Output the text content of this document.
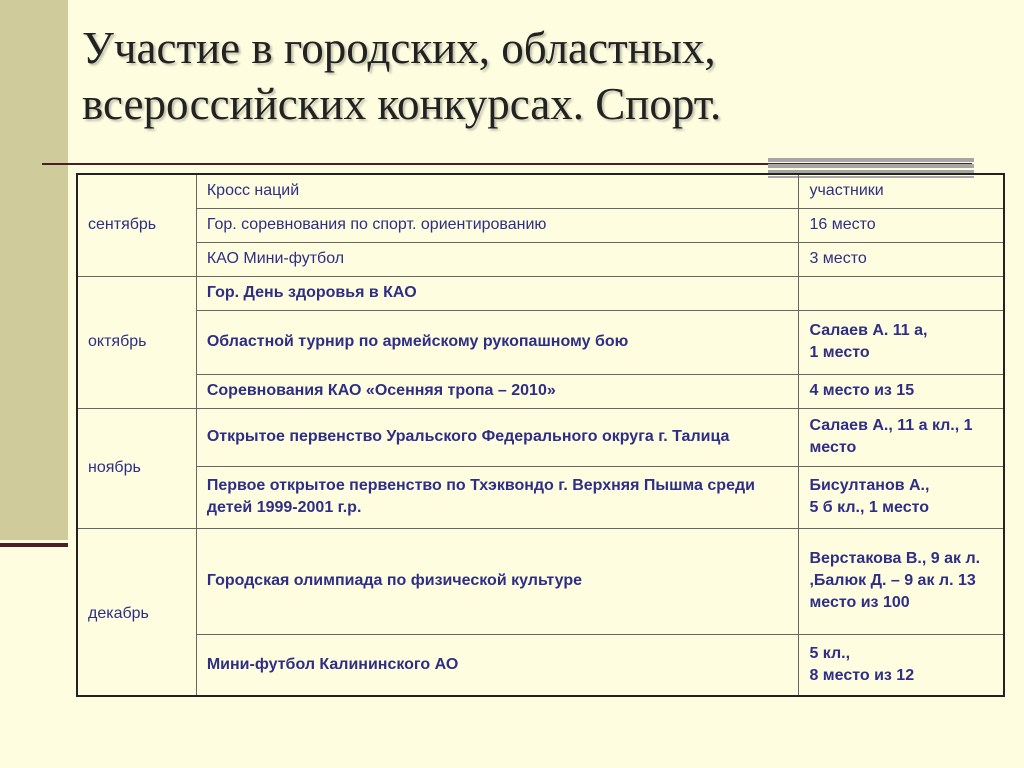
Участие в городских, областных,
всероссийских конкурсах. Спорт.
сентябрь	Кросс наций	участники
	Гор. соревнования по спорт. ориентированию	16 место
	КАО Мини-футбол	3 место
октябрь	Гор. День здоровья в КАО	
	Областной турнир по армейскому рукопашному бою	Салаев А. 11 а,
1 место
	Соревнования КАО «Осенняя тропа – 2010»	4 место из 15
ноябрь	Открытое первенство Уральского Федерального округа г. Талица	Салаев А., 11 а кл., 1 место
	Первое открытое первенство по Тхэквондо г. Верхняя Пышма среди детей 1999-2001 г.р.	Бисултанов А.,
5 б кл., 1 место
декабрь	Городская олимпиада по физической культуре	Верстакова В., 9 ак л. ,Балюк Д. – 9 ак л. 13 место из 100
	Мини-футбол Калининского АО	5 кл.,
8 место из 12
